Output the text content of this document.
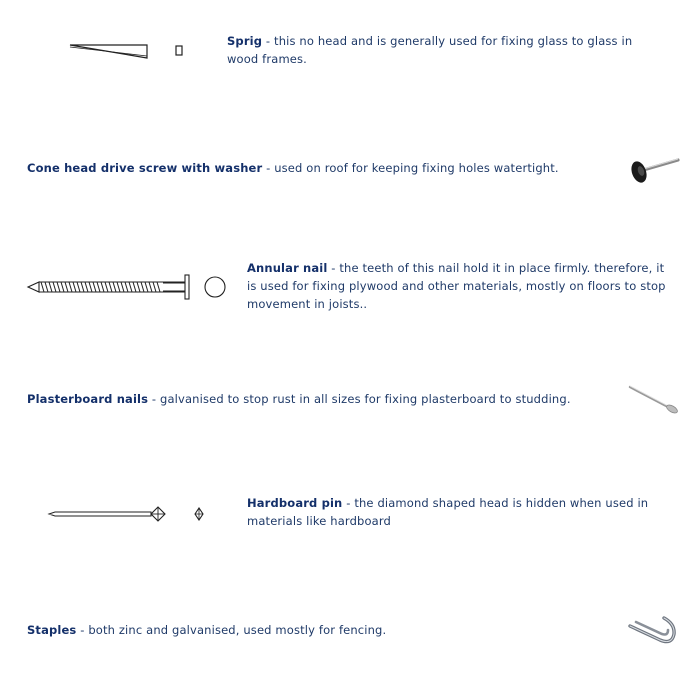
Sprig - this no head and is generally used for fixing glass to glass in wood frames.
Cone head drive screw with washer - used on roof for keeping fixing holes watertight.
Annular nail - the teeth of this nail hold it in place firmly. therefore, it is used for fixing plywood and other materials, mostly on floors to stop movement in joists..
Plasterboard nails - galvanised to stop rust in all sizes for fixing plasterboard to studding.
Hardboard pin - the diamond shaped head is hidden when used in materials like hardboard
Staples - both zinc and galvanised, used mostly for fencing.
